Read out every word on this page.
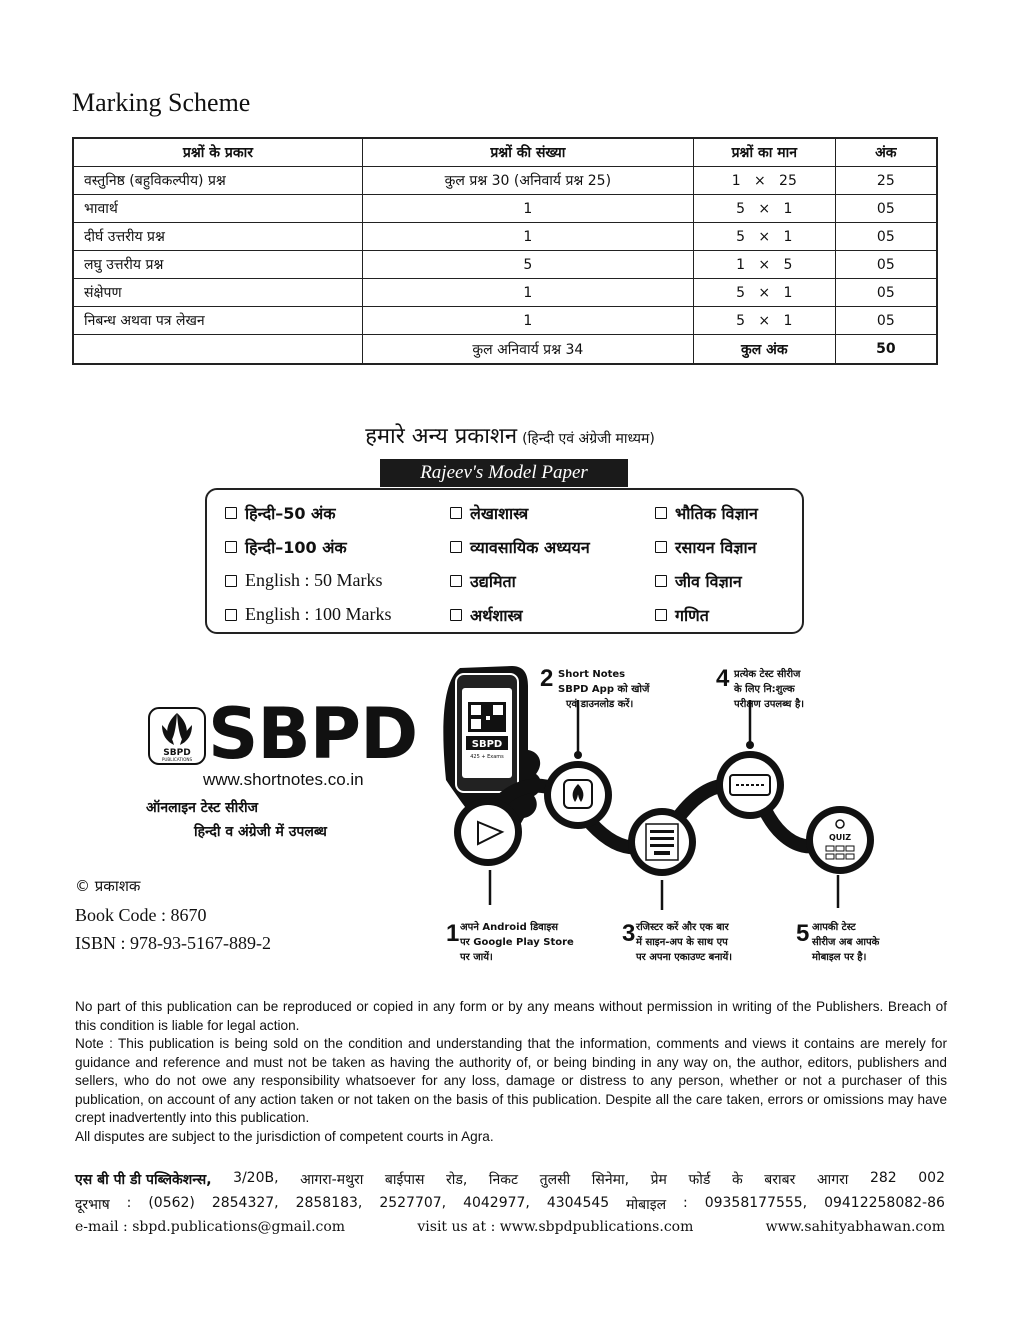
Marking Scheme
प्रश्नों के प्रकार	प्रश्नों की संख्या	प्रश्नों का मान	अंक
वस्तुनिष्ठ (बहुविकल्पीय) प्रश्न	कुल प्रश्न 30 (अनिवार्य प्रश्न 25)	1   ×   25	25
भावार्थ	1	5   ×   1	05
दीर्घ उत्तरीय प्रश्न	1	5   ×   1	05
लघु उत्तरीय प्रश्न	5	1   ×   5	05
संक्षेपण	1	5   ×   1	05
निबन्ध अथवा पत्र लेखन	1	5   ×   1	05
	कुल अनिवार्य प्रश्न 34	कुल अंक	50
हमारे अन्य प्रकाशन (हिन्दी एवं अंग्रेजी माध्यम)
Rajeev's Model Paper
हिन्दी–50 अंक
हिन्दी–100 अंक
English : 50 Marks
English : 100 Marks
लेखाशास्त्र
व्यावसायिक अध्ययन
उद्यमिता
अर्थशास्त्र
भौतिक विज्ञान
रसायन विज्ञान
जीव विज्ञान
गणित
SBPD
PUBLICATIONS SBPD
www.shortnotes.co.in
ऑनलाइन टेस्ट सीरीज
हिन्दी व अंग्रेजी में उपलब्ध
© प्रकाशक
Book Code : 8670
ISBN : 978-93-5167-889-2
SBPD
425 + Exams
QUIZ
2 Short Notes
SBPD App को खोजें
एवं डाउनलोड करें।
4 प्रत्येक टेस्ट सीरीज
के लिए नि:शुल्क
परीक्षण उपलब्ध है।
1 अपने Android डिवाइस
पर Google Play Store
पर जायें।
3 रजिस्टर करें और एक बार
में साइन-अप के साथ एप
पर अपना एकाउण्ट बनायें।
5 आपकी टेस्ट
सीरीज अब आपके
मोबाइल पर है।

No part of this publication can be reproduced or copied in any form or by any means without permission in writing of the Publishers. Breach of this condition is liable for legal action.

Note : This publication is being sold on the condition and understanding that the information, comments and views it contains are merely for guidance and reference and must not be taken as having the authority of, or being binding in any way on, the author, editors, publishers and sellers, who do not owe any responsibility whatsoever for any loss, damage or distress to any person, whether or not a purchaser of this publication, on account of any action taken or not taken on the basis of this publication. Despite all the care taken, errors or omissions may have crept inadvertently into this publication.

All disputes are subject to the jurisdiction of competent courts in Agra.

एस बी पी डी पब्लिकेशन्स, 3/20B, आगरा-मथुरा बाईपास रोड, निकट तुलसी सिनेमा, प्रेम फोर्ड के बराबर आगरा 282 002
दूरभाष : (0562) 2854327, 2858183, 2527707, 4042977, 4304545 मोबाइल : 09358177555, 09412258082-86
e-mail : sbpd.publications@gmail.com	visit us at : www.sbpdpublications.com	www.sahityabhawan.com
